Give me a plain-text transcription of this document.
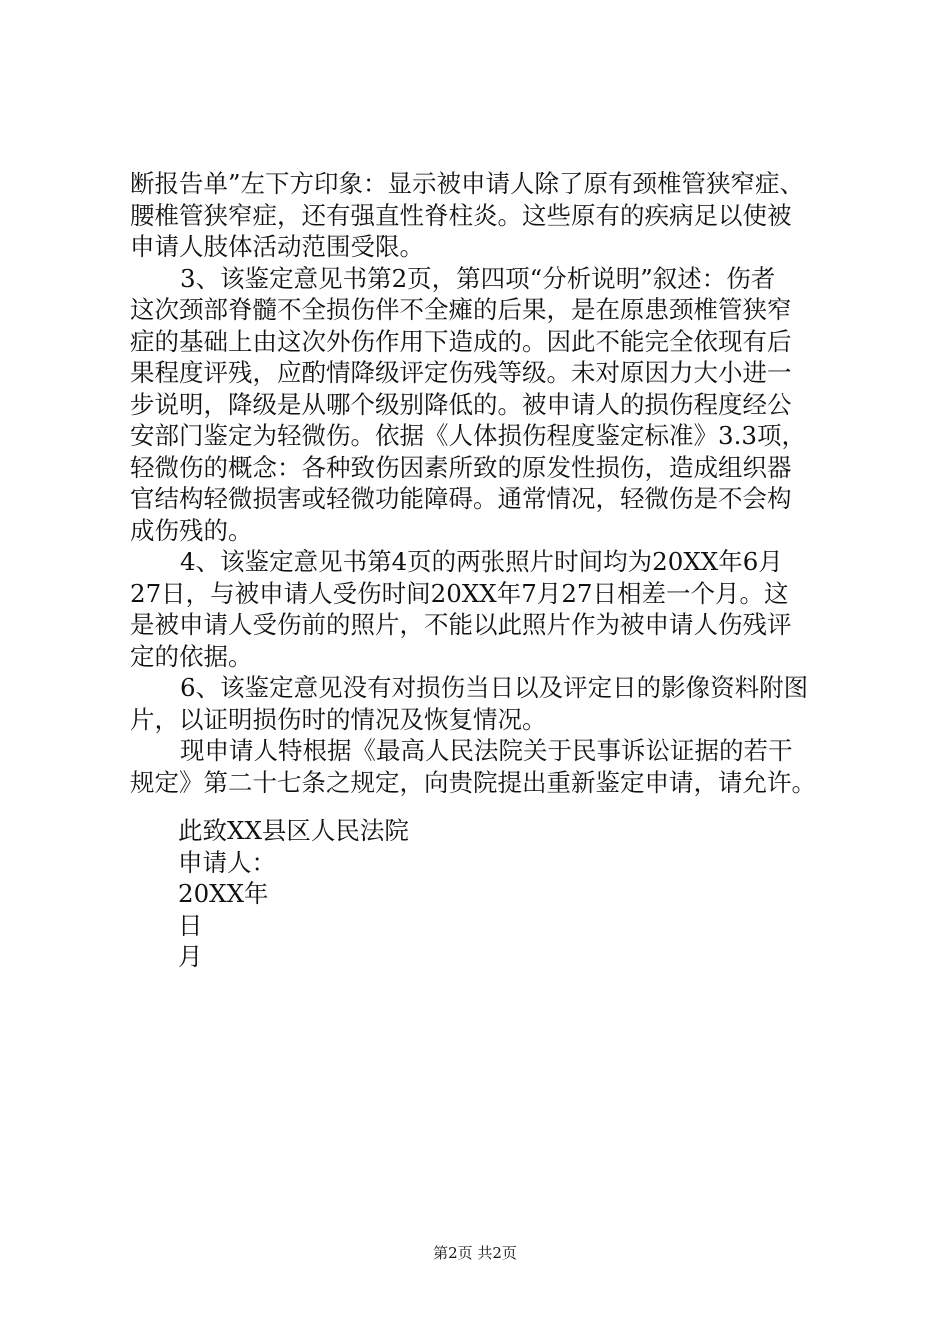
断报告单”左下方印象：显示被申请人除了原有颈椎管狭窄症、
腰椎管狭窄症，还有强直性脊柱炎。这些原有的疾病足以使被
申请人肢体活动范围受限。
3、该鉴定意见书第2页，第四项“分析说明”叙述：伤者
这次颈部脊髓不全损伤伴不全瘫的后果，是在原患颈椎管狭窄
症的基础上由这次外伤作用下造成的。因此不能完全依现有后
果程度评残，应酌情降级评定伤残等级。未对原因力大小进一
步说明，降级是从哪个级别降低的。被申请人的损伤程度经公
安部门鉴定为轻微伤。依据《人体损伤程度鉴定标准》3.3项，
轻微伤的概念：各种致伤因素所致的原发性损伤，造成组织器
官结构轻微损害或轻微功能障碍。通常情况，轻微伤是不会构
成伤残的。
4、该鉴定意见书第4页的两张照片时间均为20XX年6月
27日，与被申请人受伤时间20XX年7月27日相差一个月。这
是被申请人受伤前的照片，不能以此照片作为被申请人伤残评
定的依据。
6、该鉴定意见没有对损伤当日以及评定日的影像资料附图
片，以证明损伤时的情况及恢复情况。
现申请人特根据《最高人民法院关于民事诉讼证据的若干
规定》第二十七条之规定，向贵院提出重新鉴定申请，请允许。
此致XX县区人民法院
申请人：
20XX年
日
月
第2页 共2页
